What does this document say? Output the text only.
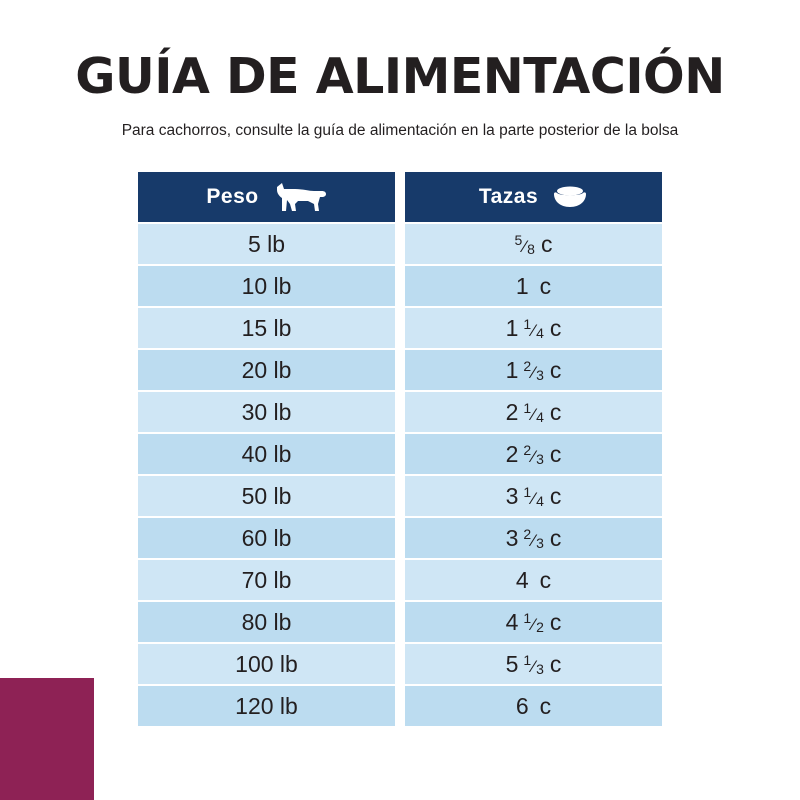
GUÍA DE ALIMENTACIÓN
Para cachorros, consulte la guía de alimentación en la parte posterior de la bolsa
Peso	Tazas
5 lb	$^5⁄_8$ c
10 lb	1 c
15 lb	1 $^1⁄_4$ c
20 lb	1 $^2⁄_3$ c
30 lb	2 $^1⁄_4$ c
40 lb	2 $^2⁄_3$ c
50 lb	3 $^1⁄_4$ c
60 lb	3 $^2⁄_3$ c
70 lb	4 c
80 lb	4 $^1⁄_2$ c
100 lb	5 $^1⁄_3$ c
120 lb	6 c
